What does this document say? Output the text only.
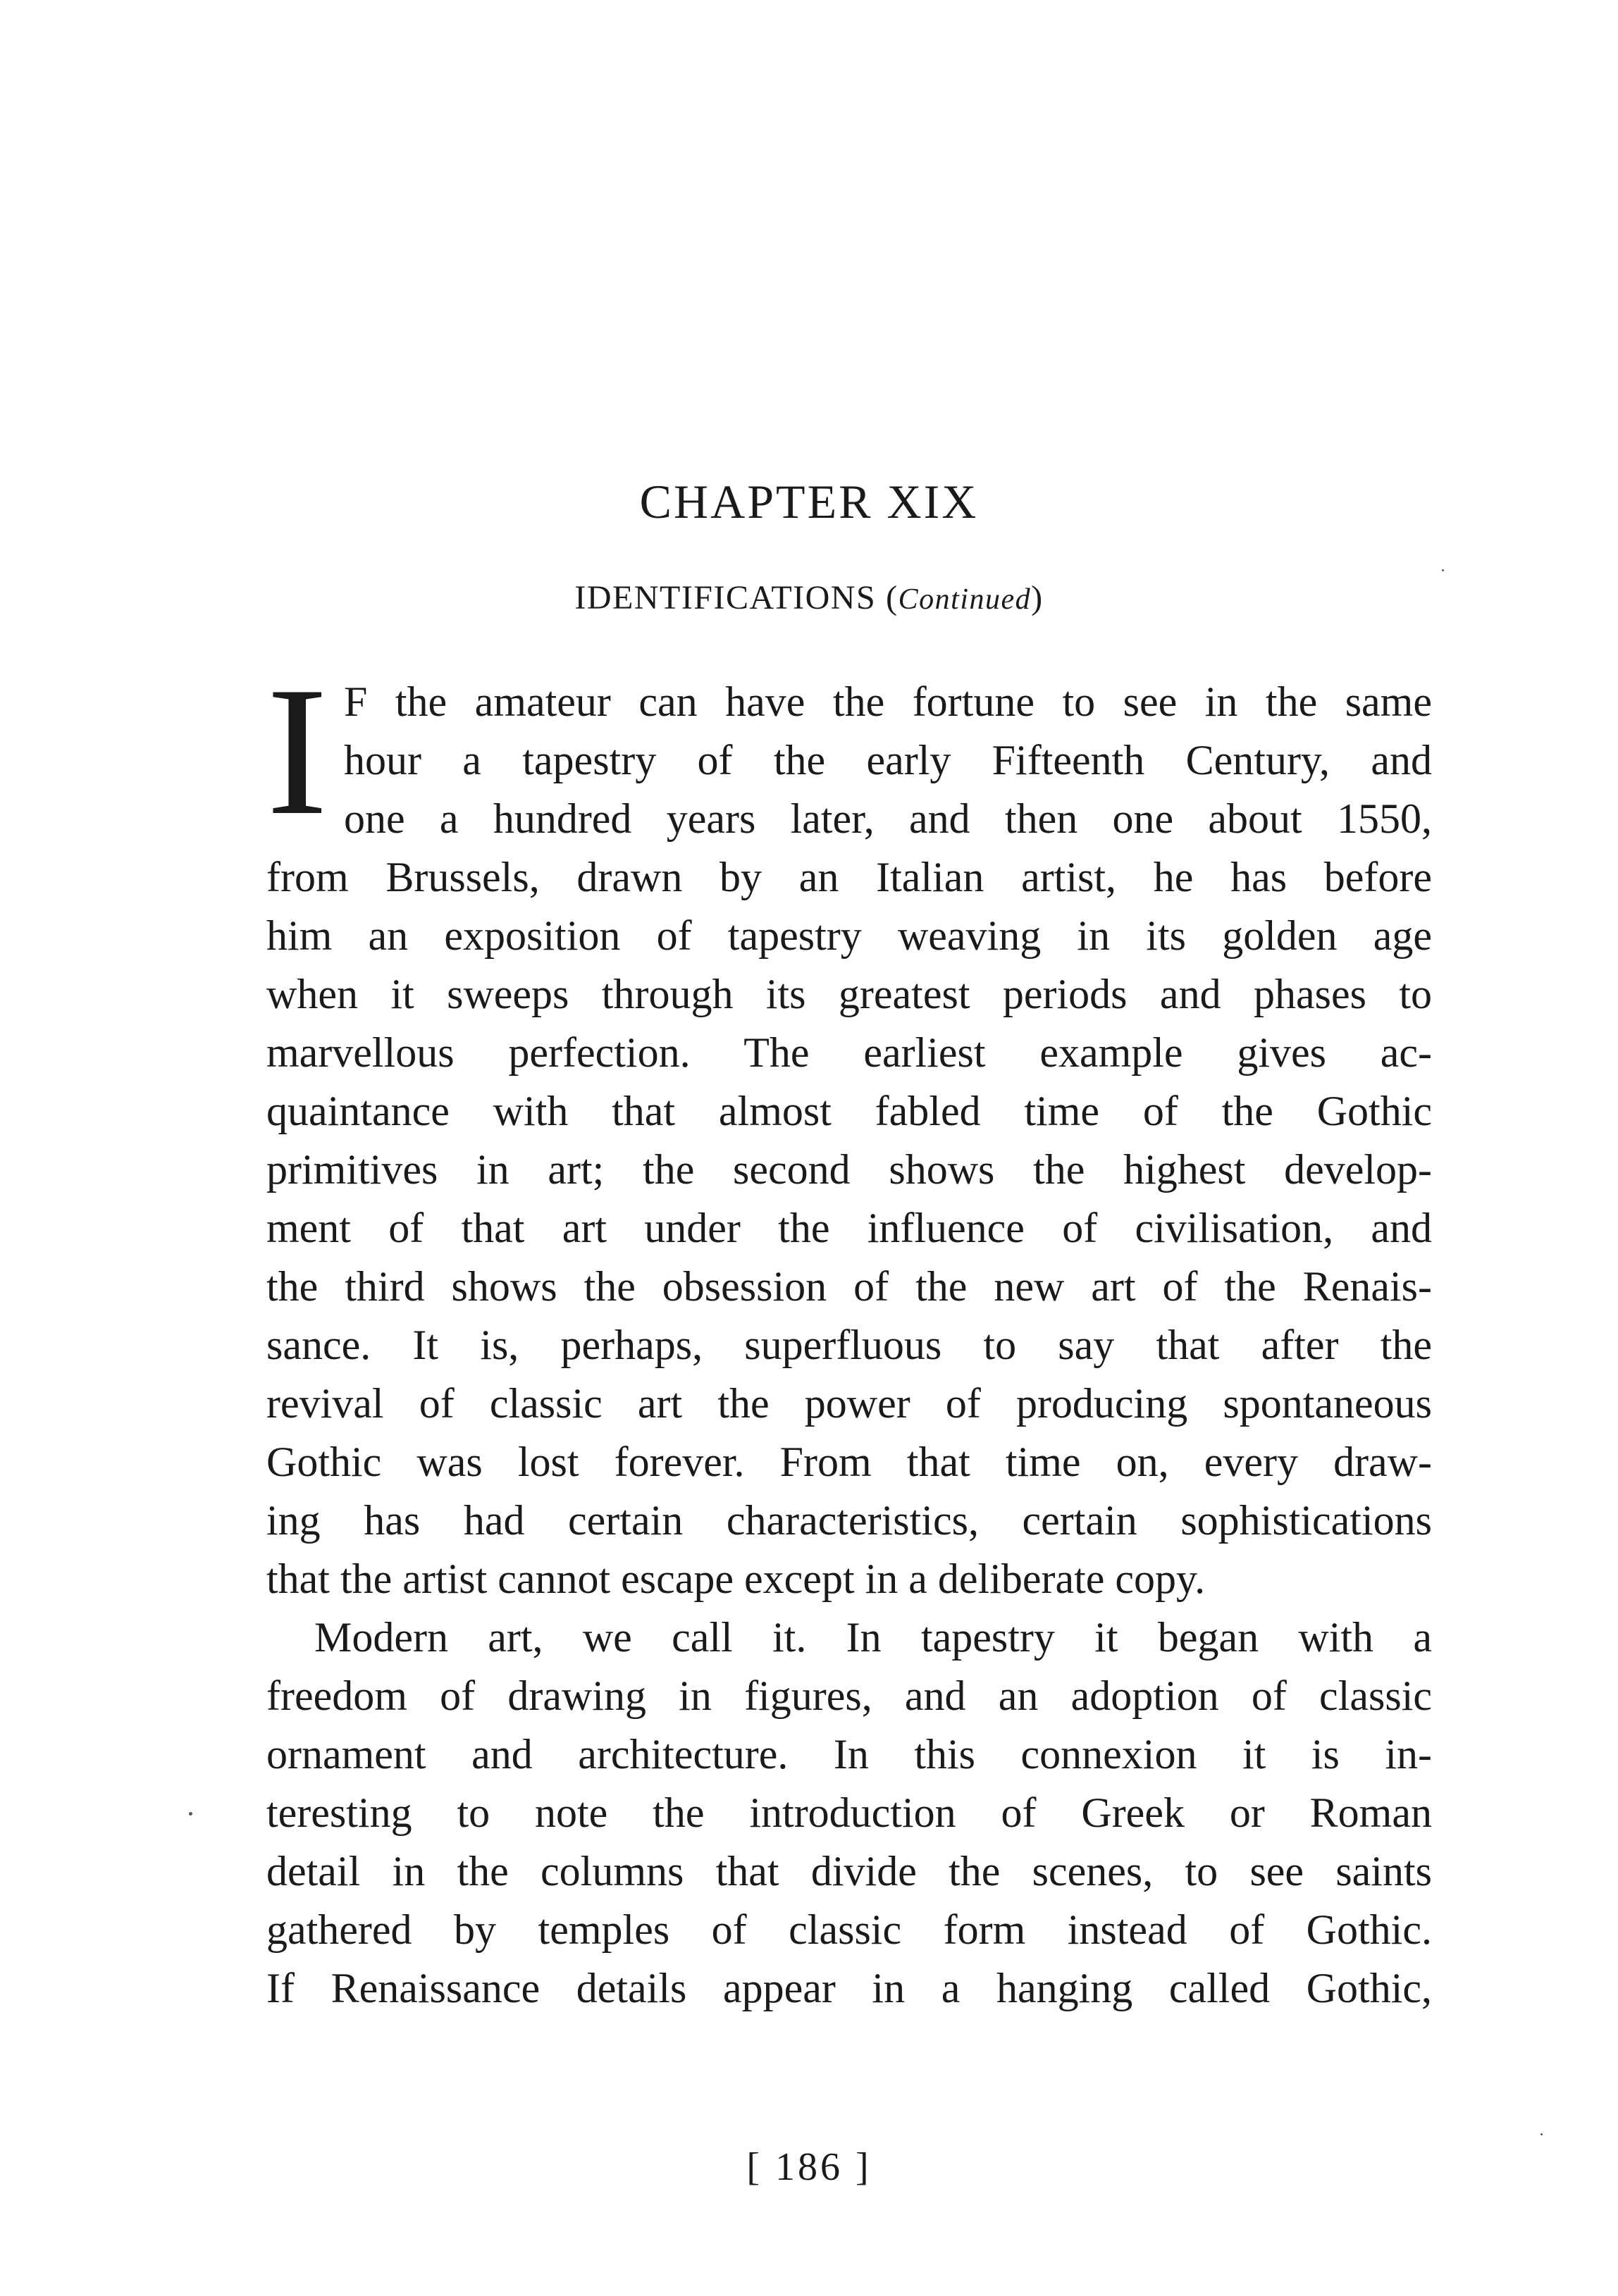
CHAPTER XIX
IDENTIFICATIONS (Continued)
I F the amateur can have the fortune to see in the same
hour a tapestry of the early Fifteenth Century, and
one a hundred years later, and then one about 1550,
from Brussels, drawn by an Italian artist, he has before
him an exposition of tapestry weaving in its golden age
when it sweeps through its greatest periods and phases to
marvellous perfection. The earliest example gives ac-
quaintance with that almost fabled time of the Gothic
primitives in art; the second shows the highest develop-
ment of that art under the influence of civilisation, and
the third shows the obsession of the new art of the Renais-
sance. It is, perhaps, superfluous to say that after the
revival of classic art the power of producing spontaneous
Gothic was lost forever. From that time on, every draw-
ing has had certain characteristics, certain sophistications
that the artist cannot escape except in a deliberate copy.
Modern art, we call it. In tapestry it began with a
freedom of drawing in figures, and an adoption of classic
ornament and architecture. In this connexion it is in-
teresting to note the introduction of Greek or Roman
detail in the columns that divide the scenes, to see saints
gathered by temples of classic form instead of Gothic.
If Renaissance details appear in a hanging called Gothic,
[ 186 ]
